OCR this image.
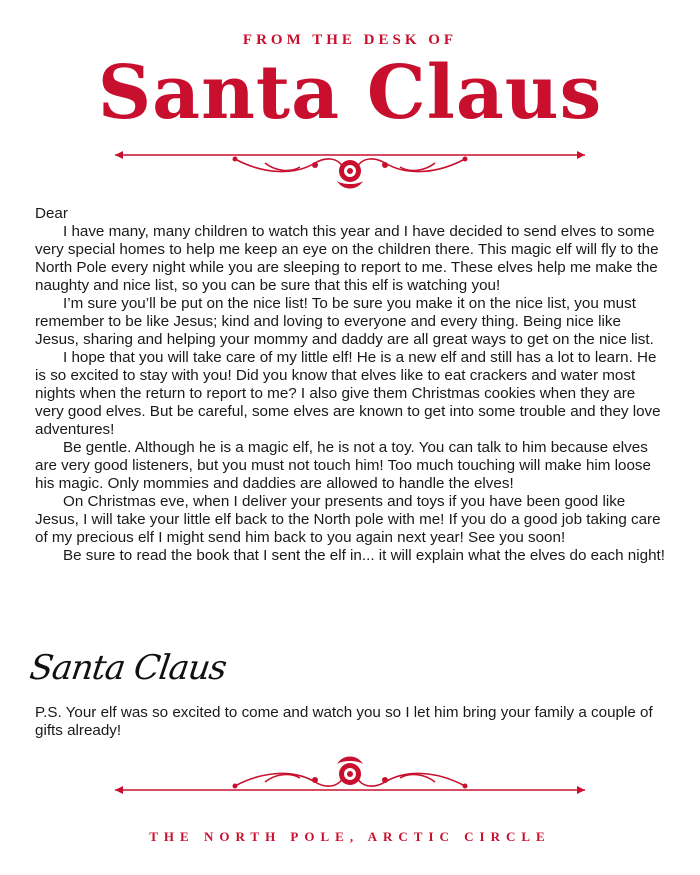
FROM THE DESK OF
Santa Claus

Dear

I have many, many children to watch this year and I have decided to send elves to some very special homes to help me keep an eye on the children there. This magic elf will fly to the North Pole every night while you are sleeping to report to me. These elves help me make the naughty and nice list, so you can be sure that this elf is watching you!

I’m sure you’ll be put on the nice list! To be sure you make it on the nice list, you must remember to be like Jesus; kind and loving to everyone and every thing. Being nice like Jesus, sharing and helping your mommy and daddy are all great ways to get on the nice list.

I hope that you will take care of my little elf! He is a new elf and still has a lot to learn. He is so excited to stay with you! Did you know that elves like to eat crackers and water most nights when the return to report to me? I also give them Christmas cookies when they are very good elves. But be careful, some elves are known to get into some trouble and they love adventures!

Be gentle. Although he is a magic elf, he is not a toy. You can talk to him because elves are very good listeners, but you must not touch him! Too much touching will make him loose his magic. Only mommies and daddies are allowed to handle the elves!

On Christmas eve, when I deliver your presents and toys if you have been good like Jesus, I will take your little elf back to the North pole with me! If you do a good job taking care of my precious elf I might send him back to you again next year! See you soon!

Be sure to read the book that I sent the elf in... it will explain what the elves do each night!

Santa Claus
P.S. Your elf was so excited to come and watch you so I let him bring your family a couple of gifts already!
THE NORTH POLE, ARCTIC CIRCLE
